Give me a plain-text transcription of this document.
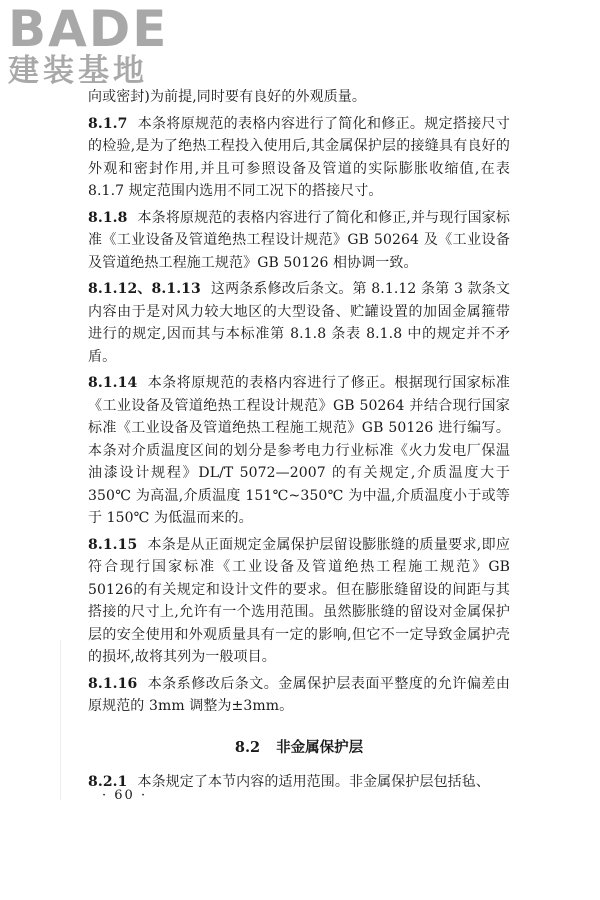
BADE
建装基地

向或密封)为前提,同时要有良好的外观质量。

8.1.7 本条将原规范的表格内容进行了简化和修正。规定搭接尺寸的检验,是为了绝热工程投入使用后,其金属保护层的接缝具有良好的外观和密封作用,并且可参照设备及管道的实际膨胀收缩值,在表 8.1.7 规定范围内选用不同工况下的搭接尺寸。

8.1.8 本条将原规范的表格内容进行了简化和修正,并与现行国家标准《工业设备及管道绝热工程设计规范》GB 50264 及《工业设备及管道绝热工程施工规范》GB 50126 相协调一致。

8.1.12、8.1.13 这两条系修改后条文。第 8.1.12 条第 3 款条文内容由于是对风力较大地区的大型设备、贮罐设置的加固金属箍带进行的规定,因而其与本标准第 8.1.8 条表 8.1.8 中的规定并不矛盾。

8.1.14 本条将原规范的表格内容进行了修正。根据现行国家标准《工业设备及管道绝热工程设计规范》GB 50264 并结合现行国家标准《工业设备及管道绝热工程施工规范》GB 50126 进行编写。本条对介质温度区间的划分是参考电力行业标准《火力发电厂保温油漆设计规程》DL/T 5072—2007 的有关规定,介质温度大于 350℃ 为高温,介质温度 151℃~350℃ 为中温,介质温度小于或等于 150℃ 为低温而来的。

8.1.15 本条是从正面规定金属保护层留设膨胀缝的质量要求,即应符合现行国家标准《工业设备及管道绝热工程施工规范》GB 50126的有关规定和设计文件的要求。但在膨胀缝留设的间距与其搭接的尺寸上,允许有一个选用范围。虽然膨胀缝的留设对金属保护层的安全使用和外观质量具有一定的影响,但它不一定导致金属护壳的损坏,故将其列为一般项目。

8.1.16 本条系修改后条文。金属保护层表面平整度的允许偏差由原规范的 3mm 调整为±3mm。

8.2 非金属保护层

8.2.1 本条规定了本节内容的适用范围。非金属保护层包括毡、

· 60 ·
